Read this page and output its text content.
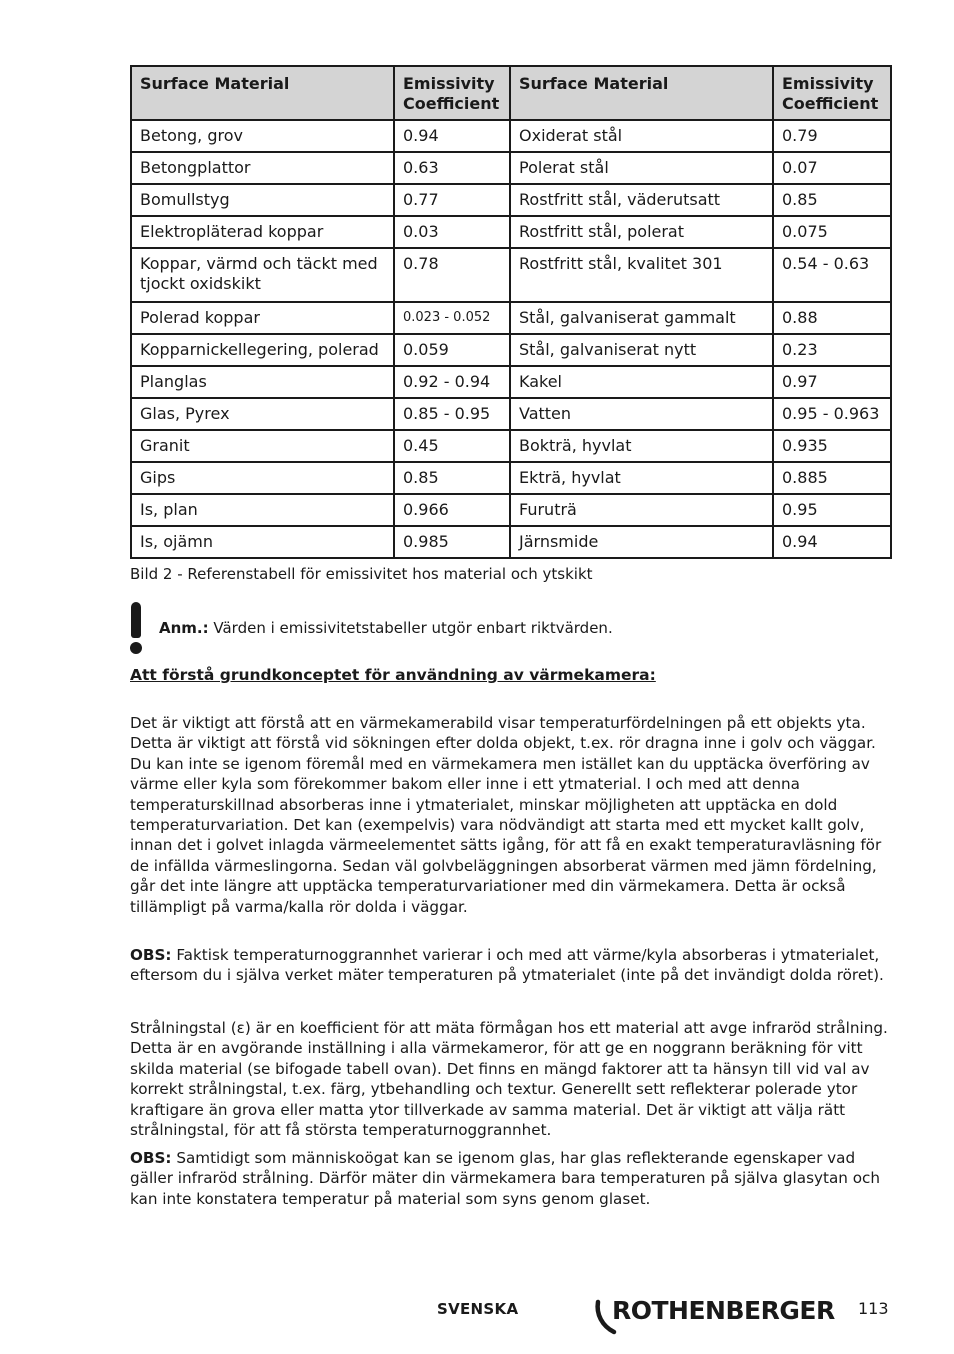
Surface Material	Emissivity Coefficient	Surface Material	Emissivity Coefficient
Betong, grov	0.94	Oxiderat stål	0.79
Betongplattor	0.63	Polerat stål	0.07
Bomullstyg	0.77	Rostfritt stål, väderutsatt	0.85
Elektropläterad koppar	0.03	Rostfritt stål, polerat	0.075
Koppar, värmd och täckt med tjockt oxidskikt	0.78	Rostfritt stål, kvalitet 301	0.54 - 0.63
Polerad koppar	0.023 - 0.052	Stål, galvaniserat gammalt	0.88
Kopparnickellegering, polerad	0.059	Stål, galvaniserat nytt	0.23
Planglas	0.92 - 0.94	Kakel	0.97
Glas, Pyrex	0.85 - 0.95	Vatten	0.95 - 0.963
Granit	0.45	Bokträ, hyvlat	0.935
Gips	0.85	Ekträ, hyvlat	0.885
Is, plan	0.966	Furuträ	0.95
Is, ojämn	0.985	Järnsmide	0.94
Bild 2 - Referenstabell för emissivitet hos material och ytskikt
Anm.: Värden i emissivitetstabeller utgör enbart riktvärden.
Att förstå grundkonceptet för användning av värmekamera:

Det är viktigt att förstå att en värmekamerabild visar temperaturfördelningen på ett objekts yta. Detta är viktigt att förstå vid sökningen efter dolda objekt, t.ex. rör dragna inne i golv och väggar. Du kan inte se igenom föremål med en värmekamera men istället kan du upptäcka överföring av värme eller kyla som förekommer bakom eller inne i ett ytmaterial. I och med att denna temperaturskillnad absorberas inne i ytmaterialet, minskar möjligheten att upptäcka en dold temperaturvariation. Det kan (exempelvis) vara nödvändigt att starta med ett mycket kallt golv, innan det i golvet inlagda värmeelementet sätts igång, för att få en exakt temperaturavläsning för de infällda värmeslingorna. Sedan väl golvbeläggningen absorberat värmen med jämn fördelning, går det inte längre att upptäcka temperaturvariationer med din värmekamera. Detta är också tillämpligt på varma/kalla rör dolda i väggar.

OBS: Faktisk temperaturnoggrannhet varierar i och med att värme/kyla absorberas i ytmaterialet, eftersom du i själva verket mäter temperaturen på ytmaterialet (inte på det invändigt dolda röret).

Strålningstal (ε) är en koefficient för att mäta förmågan hos ett material att avge infraröd strålning. Detta är en avgörande inställning i alla värmekameror, för att ge en noggrann beräkning för vitt skilda material (se bifogade tabell ovan). Det finns en mängd faktorer att ta hänsyn till vid val av korrekt strålningstal, t.ex. färg, ytbehandling och textur. Generellt sett reflekterar polerade ytor kraftigare än grova eller matta ytor tillverkade av samma material. Det är viktigt att välja rätt strålningstal, för att få största temperaturnoggrannhet.

OBS: Samtidigt som människoögat kan se igenom glas, har glas reflekterande egenskaper vad gäller infraröd strålning. Därför mäter din värmekamera bara temperaturen på själva glasytan och kan inte konstatera temperatur på material som syns genom glaset.

SVENSKA	ROTHENBERGER 113
